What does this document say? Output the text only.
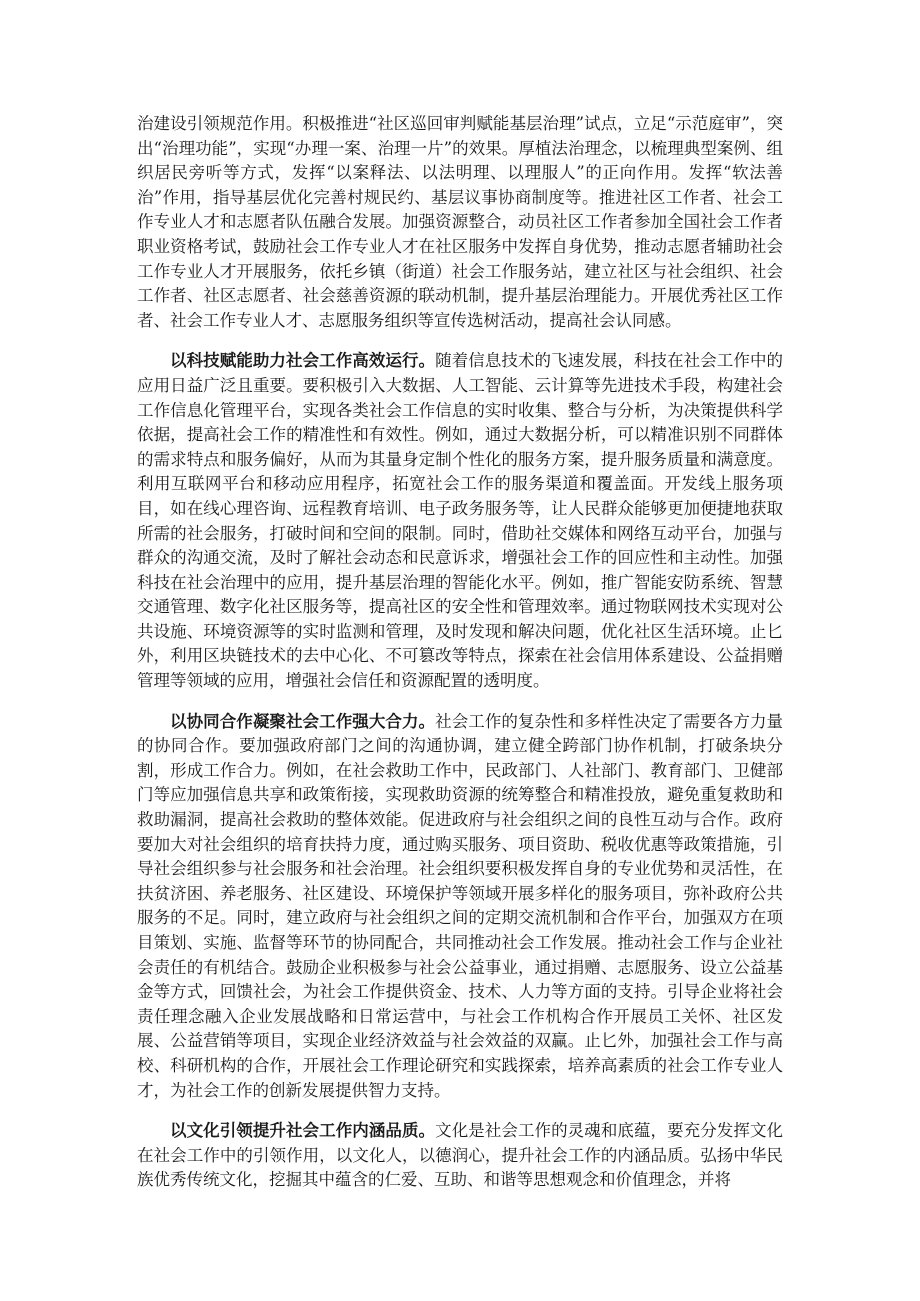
治建设引领规范作用。积极推进“社区巡回审判赋能基层治理”试点，立足“示范庭审”，突出“治理功能”，实现“办理一案、治理一片”的效果。厚植法治理念，以梳理典型案例、组织居民旁听等方式，发挥“以案释法、以法明理、以理服人”的正向作用。发挥“软法善治”作用，指导基层优化完善村规民约、基层议事协商制度等。推进社区工作者、社会工作专业人才和志愿者队伍融合发展。加强资源整合，动员社区工作者参加全国社会工作者职业资格考试，鼓励社会工作专业人才在社区服务中发挥自身优势，推动志愿者辅助社会工作专业人才开展服务，依托乡镇（街道）社会工作服务站，建立社区与社会组织、社会工作者、社区志愿者、社会慈善资源的联动机制，提升基层治理能力。开展优秀社区工作者、社会工作专业人才、志愿服务组织等宣传选树活动，提高社会认同感。

以科技赋能助力社会工作高效运行。随着信息技术的飞速发展，科技在社会工作中的应用日益广泛且重要。要积极引入大数据、人工智能、云计算等先进技术手段，构建社会工作信息化管理平台，实现各类社会工作信息的实时收集、整合与分析，为决策提供科学依据，提高社会工作的精准性和有效性。例如，通过大数据分析，可以精准识别不同群体的需求特点和服务偏好，从而为其量身定制个性化的服务方案，提升服务质量和满意度。利用互联网平台和移动应用程序，拓宽社会工作的服务渠道和覆盖面。开发线上服务项目，如在线心理咨询、远程教育培训、电子政务服务等，让人民群众能够更加便捷地获取所需的社会服务，打破时间和空间的限制。同时，借助社交媒体和网络互动平台，加强与群众的沟通交流，及时了解社会动态和民意诉求，增强社会工作的回应性和主动性。加强科技在社会治理中的应用，提升基层治理的智能化水平。例如，推广智能安防系统、智慧交通管理、数字化社区服务等，提高社区的安全性和管理效率。通过物联网技术实现对公共设施、环境资源等的实时监测和管理，及时发现和解决问题，优化社区生活环境。止匕外，利用区块链技术的去中心化、不可篡改等特点，探索在社会信用体系建设、公益捐赠管理等领域的应用，增强社会信任和资源配置的透明度。

以协同合作凝聚社会工作强大合力。社会工作的复杂性和多样性决定了需要各方力量的协同合作。要加强政府部门之间的沟通协调，建立健全跨部门协作机制，打破条块分割，形成工作合力。例如，在社会救助工作中，民政部门、人社部门、教育部门、卫健部门等应加强信息共享和政策衔接，实现救助资源的统筹整合和精准投放，避免重复救助和救助漏洞，提高社会救助的整体效能。促进政府与社会组织之间的良性互动与合作。政府要加大对社会组织的培育扶持力度，通过购买服务、项目资助、税收优惠等政策措施，引导社会组织参与社会服务和社会治理。社会组织要积极发挥自身的专业优势和灵活性，在扶贫济困、养老服务、社区建设、环境保护等领域开展多样化的服务项目，弥补政府公共服务的不足。同时，建立政府与社会组织之间的定期交流机制和合作平台，加强双方在项目策划、实施、监督等环节的协同配合，共同推动社会工作发展。推动社会工作与企业社会责任的有机结合。鼓励企业积极参与社会公益事业，通过捐赠、志愿服务、设立公益基金等方式，回馈社会，为社会工作提供资金、技术、人力等方面的支持。引导企业将社会责任理念融入企业发展战略和日常运营中，与社会工作机构合作开展员工关怀、社区发展、公益营销等项目，实现企业经济效益与社会效益的双赢。止匕外，加强社会工作与高校、科研机构的合作，开展社会工作理论研究和实践探索，培养高素质的社会工作专业人才，为社会工作的创新发展提供智力支持。

以文化引领提升社会工作内涵品质。文化是社会工作的灵魂和底蕴，要充分发挥文化在社会工作中的引领作用，以文化人，以德润心，提升社会工作的内涵品质。弘扬中华民族优秀传统文化，挖掘其中蕴含的仁爱、互助、和谐等思想观念和价值理念，并将
